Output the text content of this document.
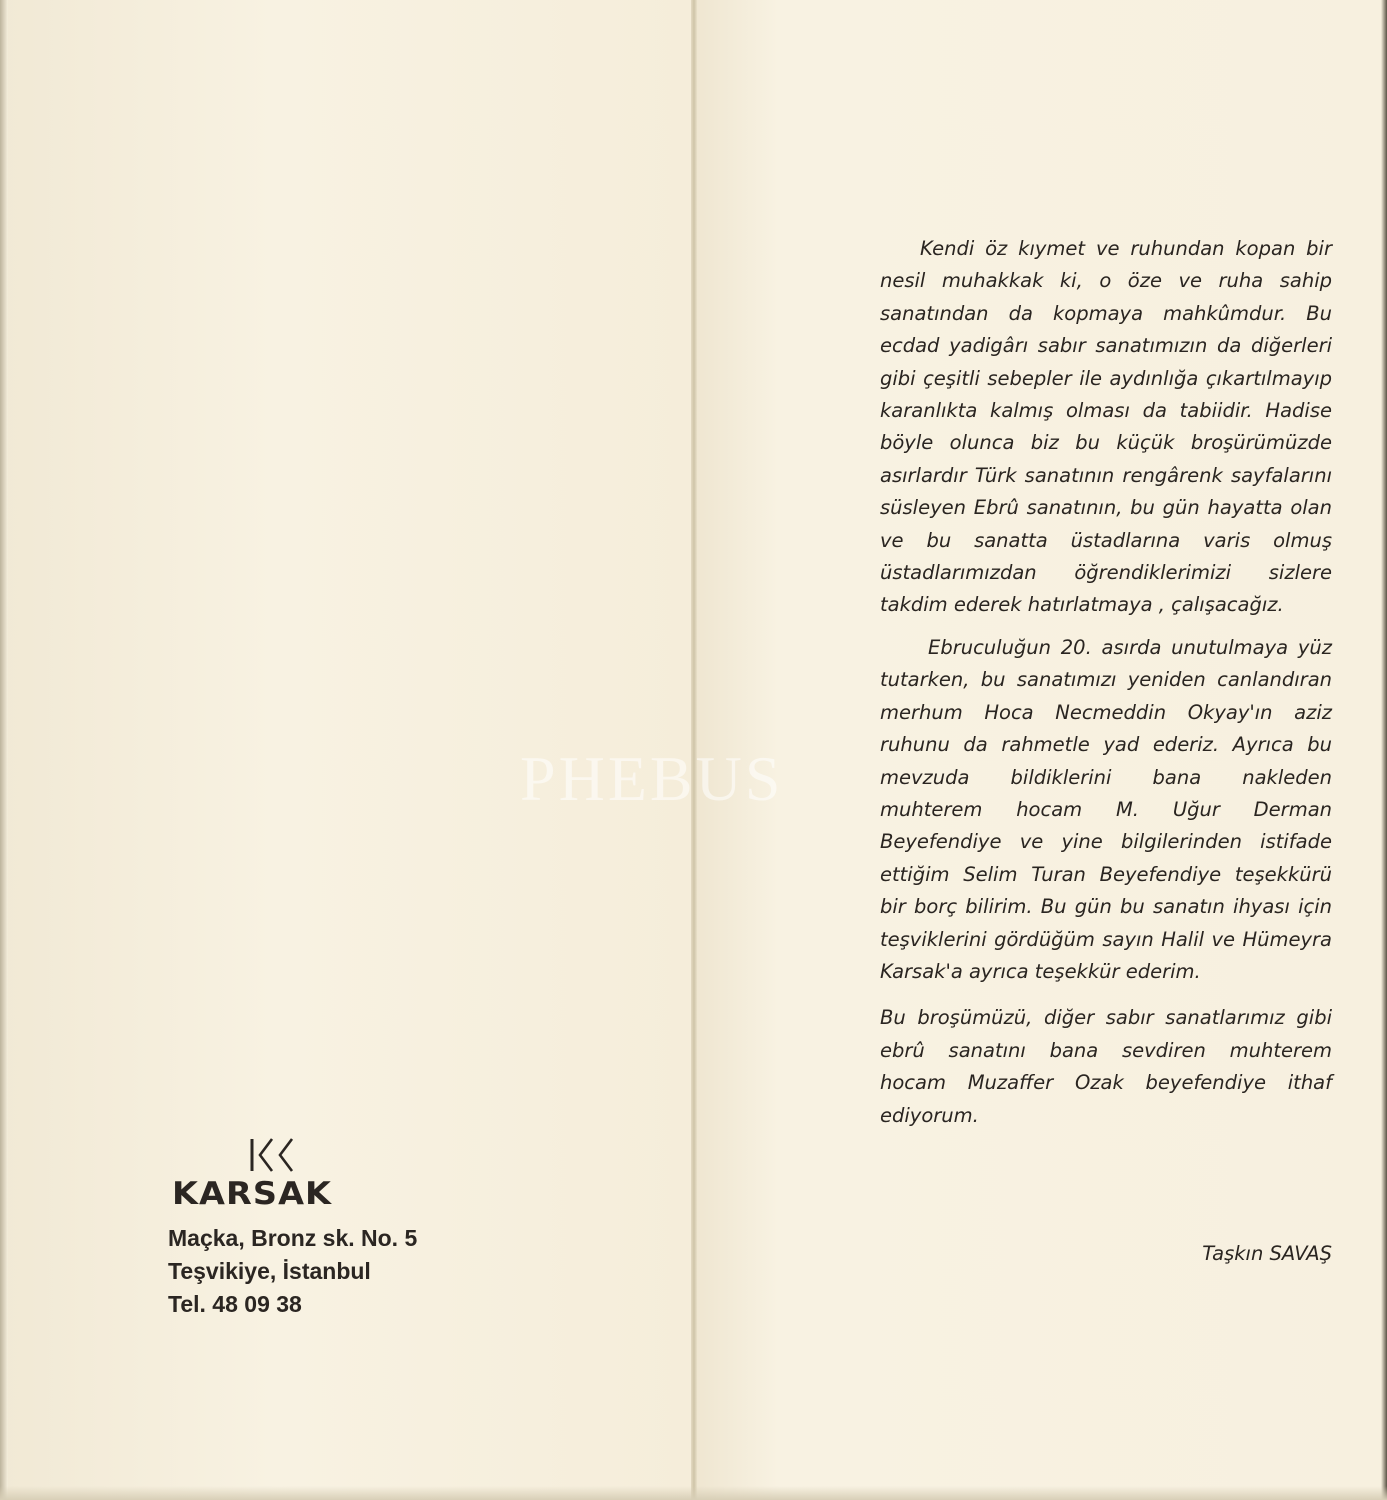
KARSAK
Maçka, Bronz sk. No. 5
Teşvikiye, İstanbul
Tel. 48 09 38

Kendi öz kıymet ve ruhundan kopan bir nesil muhakkak ki, o öze ve ruha sahip sanatından da kopmaya mahkûmdur. Bu ecdad yadigârı sabır sanatımızın da diğerleri gibi çeşitli sebepler ile aydınlığa çıkartılmayıp karanlıkta kalmış olması da tabiidir. Hadise böyle olunca biz bu küçük broşürümüzde asırlardır Türk sanatının rengârenk sayfalarını süsleyen Ebrû sanatının, bu gün hayatta olan ve bu sanatta üstadlarına varis olmuş üstadlarımızdan öğrendiklerimizi sizlere takdim ederek hatırlatmaya , çalışacağız.

Ebruculuğun 20. asırda unutulmaya yüz tutarken, bu sanatımızı yeniden canlandıran merhum Hoca Necmeddin Okyay'ın aziz ruhunu da rahmetle yad ederiz. Ayrıca bu mevzuda bildiklerini bana nakleden muhterem hocam M. Uğur Derman Beyefendiye ve yine bilgilerinden istifade ettiğim Selim Turan Beyefendiye teşekkürü bir borç bilirim. Bu gün bu sanatın ihyası için teşviklerini gördüğüm sayın Halil ve Hümeyra Karsak'a ayrıca teşekkür ederim.

Bu broşümüzü, diğer sabır sanatlarımız gibi ebrû sanatını bana sevdiren muhterem hocam Muzaffer Ozak beyefendiye ithaf ediyorum.

Taşkın SAVAŞ
PHEBUS
